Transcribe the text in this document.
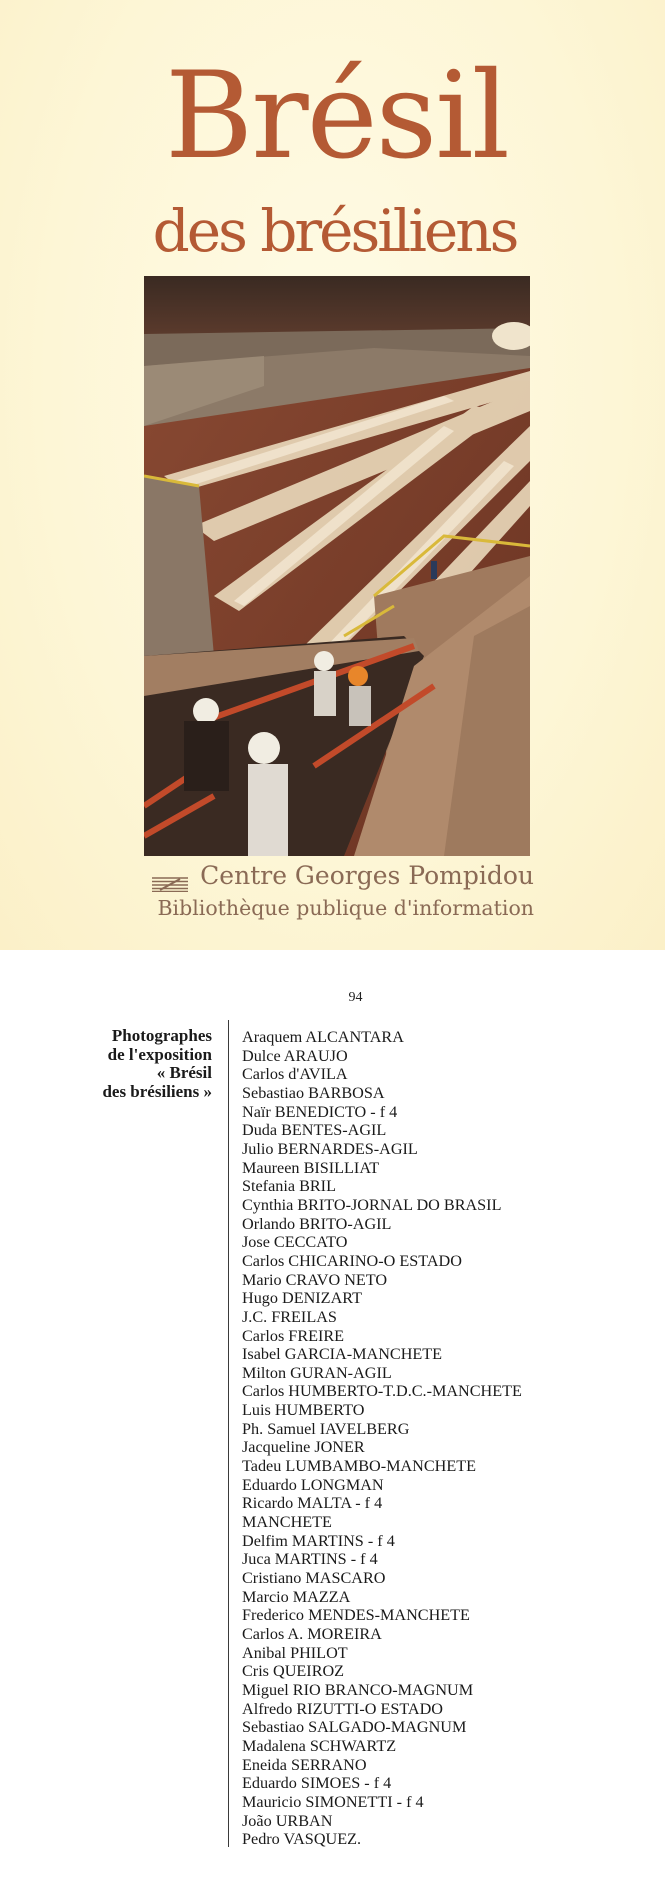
Brésil
des brésiliens
Centre Georges Pompidou
Bibliothèque publique d'information
94
Photographes
de l'exposition
« Brésil
des brésiliens »
Araquem ALCANTARA
Dulce ARAUJO
Carlos d'AVILA
Sebastiao BARBOSA
Naïr BENEDICTO - f 4
Duda BENTES-AGIL
Julio BERNARDES-AGIL
Maureen BISILLIAT
Stefania BRIL
Cynthia BRITO-JORNAL DO BRASIL
Orlando BRITO-AGIL
Jose CECCATO
Carlos CHICARINO-O ESTADO
Mario CRAVO NETO
Hugo DENIZART
J.C. FREILAS
Carlos FREIRE
Isabel GARCIA-MANCHETE
Milton GURAN-AGIL
Carlos HUMBERTO-T.D.C.-MANCHETE
Luis HUMBERTO
Ph. Samuel IAVELBERG
Jacqueline JONER
Tadeu LUMBAMBO-MANCHETE
Eduardo LONGMAN
Ricardo MALTA - f 4
MANCHETE
Delfim MARTINS - f 4
Juca MARTINS - f 4
Cristiano MASCARO
Marcio MAZZA
Frederico MENDES-MANCHETE
Carlos A. MOREIRA
Anibal PHILOT
Cris QUEIROZ
Miguel RIO BRANCO-MAGNUM
Alfredo RIZUTTI-O ESTADO
Sebastiao SALGADO-MAGNUM
Madalena SCHWARTZ
Eneida SERRANO
Eduardo SIMOES - f 4
Mauricio SIMONETTI - f 4
João URBAN
Pedro VASQUEZ.
